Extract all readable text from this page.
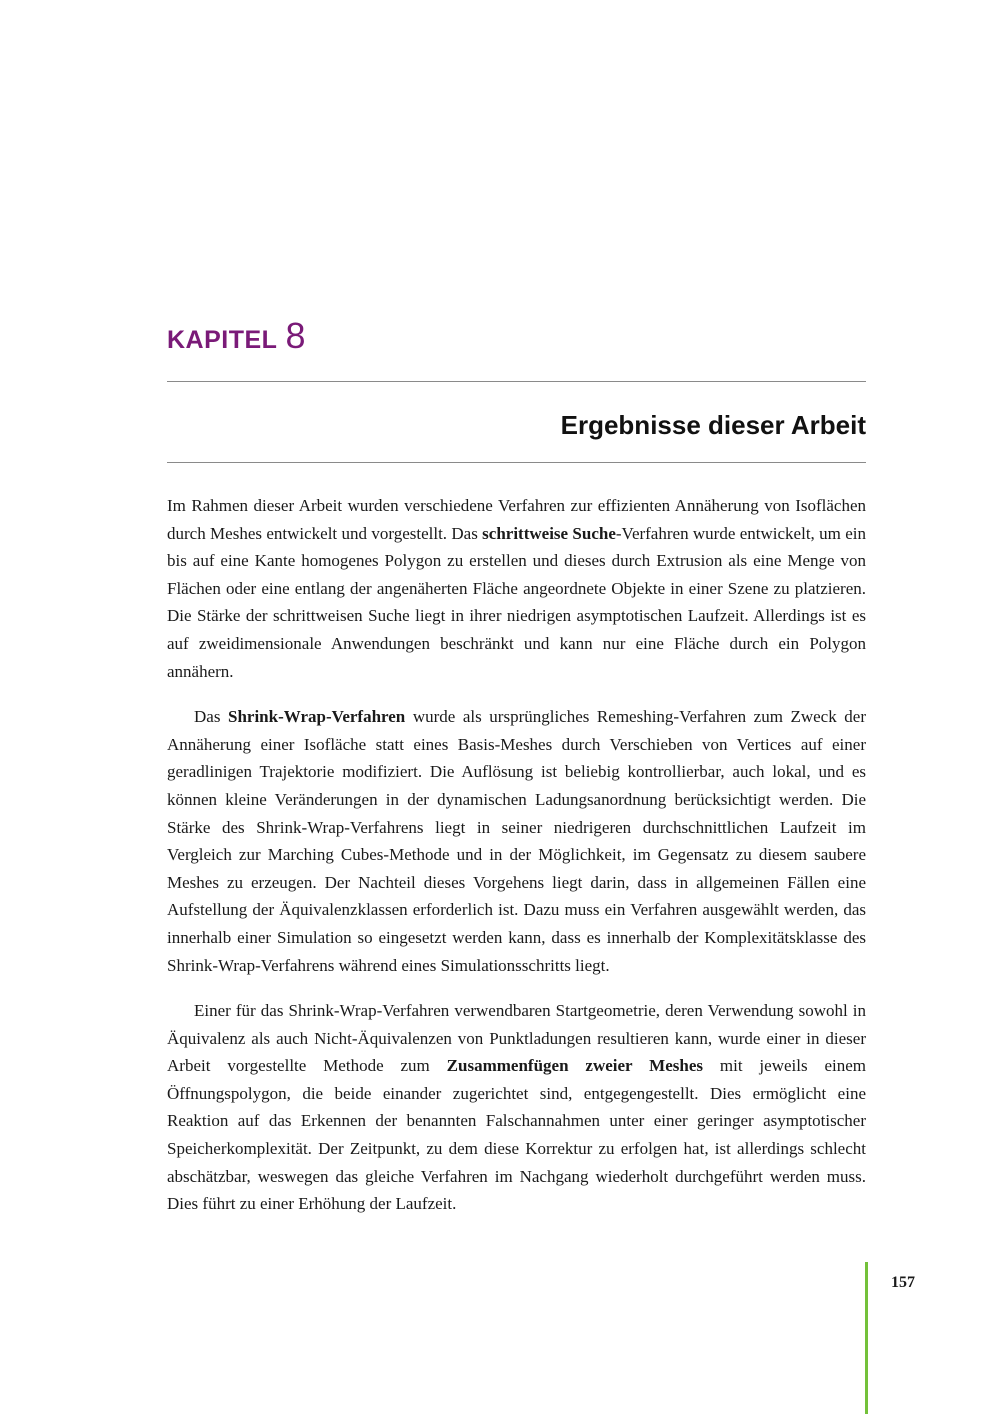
KAPITEL 8
Ergebnisse dieser Arbeit

Im Rahmen dieser Arbeit wurden verschiedene Verfahren zur effizienten Annäherung von Isoflächen durch Meshes entwickelt und vorgestellt. Das schrittweise Suche-Verfahren wurde entwickelt, um ein bis auf eine Kante homogenes Polygon zu erstellen und dieses durch Extrusion als eine Menge von Flächen oder eine entlang der angenäherten Fläche angeordnete Objekte in einer Szene zu platzieren. Die Stärke der schrittweisen Suche liegt in ihrer niedrigen asymptotischen Laufzeit. Allerdings ist es auf zweidimensionale Anwendungen beschränkt und kann nur eine Fläche durch ein Polygon annähern.

Das Shrink-Wrap-Verfahren wurde als ursprüngliches Remeshing-Verfahren zum Zweck der Annäherung einer Isofläche statt eines Basis-Meshes durch Verschieben von Vertices auf einer geradlinigen Trajektorie modifiziert. Die Auflösung ist beliebig kontrollierbar, auch lokal, und es können kleine Veränderungen in der dynamischen Ladungsanordnung berücksichtigt werden. Die Stärke des Shrink-Wrap-Verfahrens liegt in seiner niedrigeren durchschnittlichen Laufzeit im Vergleich zur Marching Cubes-Methode und in der Möglichkeit, im Gegensatz zu diesem saubere Meshes zu erzeugen. Der Nachteil dieses Vorgehens liegt darin, dass in allgemeinen Fällen eine Aufstellung der Äquivalenzklassen erforderlich ist. Dazu muss ein Verfahren ausgewählt werden, das innerhalb einer Simulation so eingesetzt werden kann, dass es innerhalb der Komplexitätsklasse des Shrink-Wrap-Verfahrens während eines Simulationsschritts liegt.

Einer für das Shrink-Wrap-Verfahren verwendbaren Startgeometrie, deren Verwendung sowohl in Äquivalenz als auch Nicht-Äquivalenzen von Punktladungen resultieren kann, wurde einer in dieser Arbeit vorgestellte Methode zum Zusammenfügen zweier Meshes mit jeweils einem Öffnungspolygon, die beide einander zugerichtet sind, entgegengestellt. Dies ermöglicht eine Reaktion auf das Erkennen der benannten Falschannahmen unter einer geringer asymptotischer Speicherkomplexität. Der Zeitpunkt, zu dem diese Korrektur zu erfolgen hat, ist allerdings schlecht abschätzbar, weswegen das gleiche Verfahren im Nachgang wiederholt durchgeführt werden muss. Dies führt zu einer Erhöhung der Laufzeit.

157
